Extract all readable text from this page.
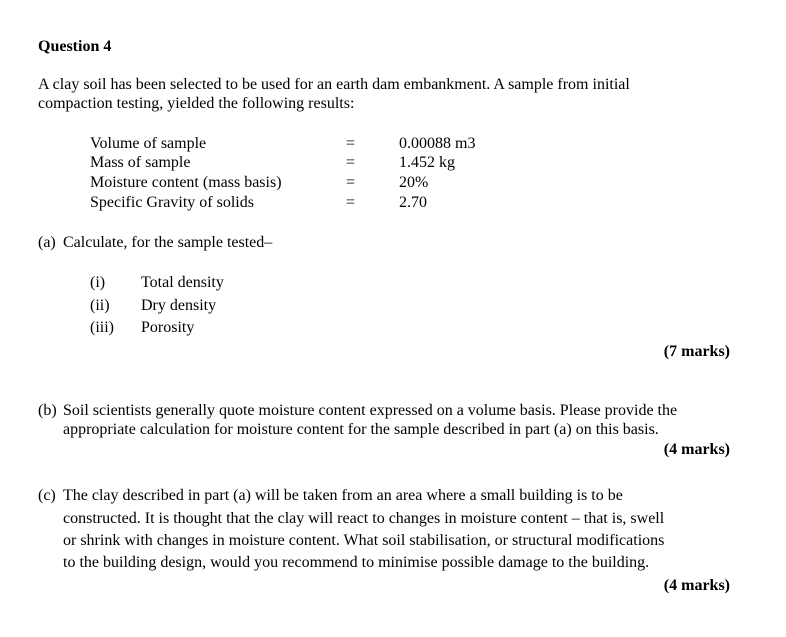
Question 4
A clay soil has been selected to be used for an earth dam embankment. A sample from initial
compaction testing, yielded the following results:
Volume of sample	=	0.00088 m3
Mass of sample	=	1.452 kg
Moisture content (mass basis)	=	20%
Specific Gravity of solids	=	2.70
(a) Calculate, for the sample tested–
(i) Total density
(ii) Dry density
(iii) Porosity
(7 marks)
(b) Soil scientists generally quote moisture content expressed on a volume basis. Please provide the
appropriate calculation for moisture content for the sample described in part (a) on this basis.
(4 marks)
(c) The clay described in part (a) will be taken from an area where a small building is to be
constructed. It is thought that the clay will react to changes in moisture content – that is, swell
or shrink with changes in moisture content. What soil stabilisation, or structural modifications
to the building design, would you recommend to minimise possible damage to the building.
(4 marks)
